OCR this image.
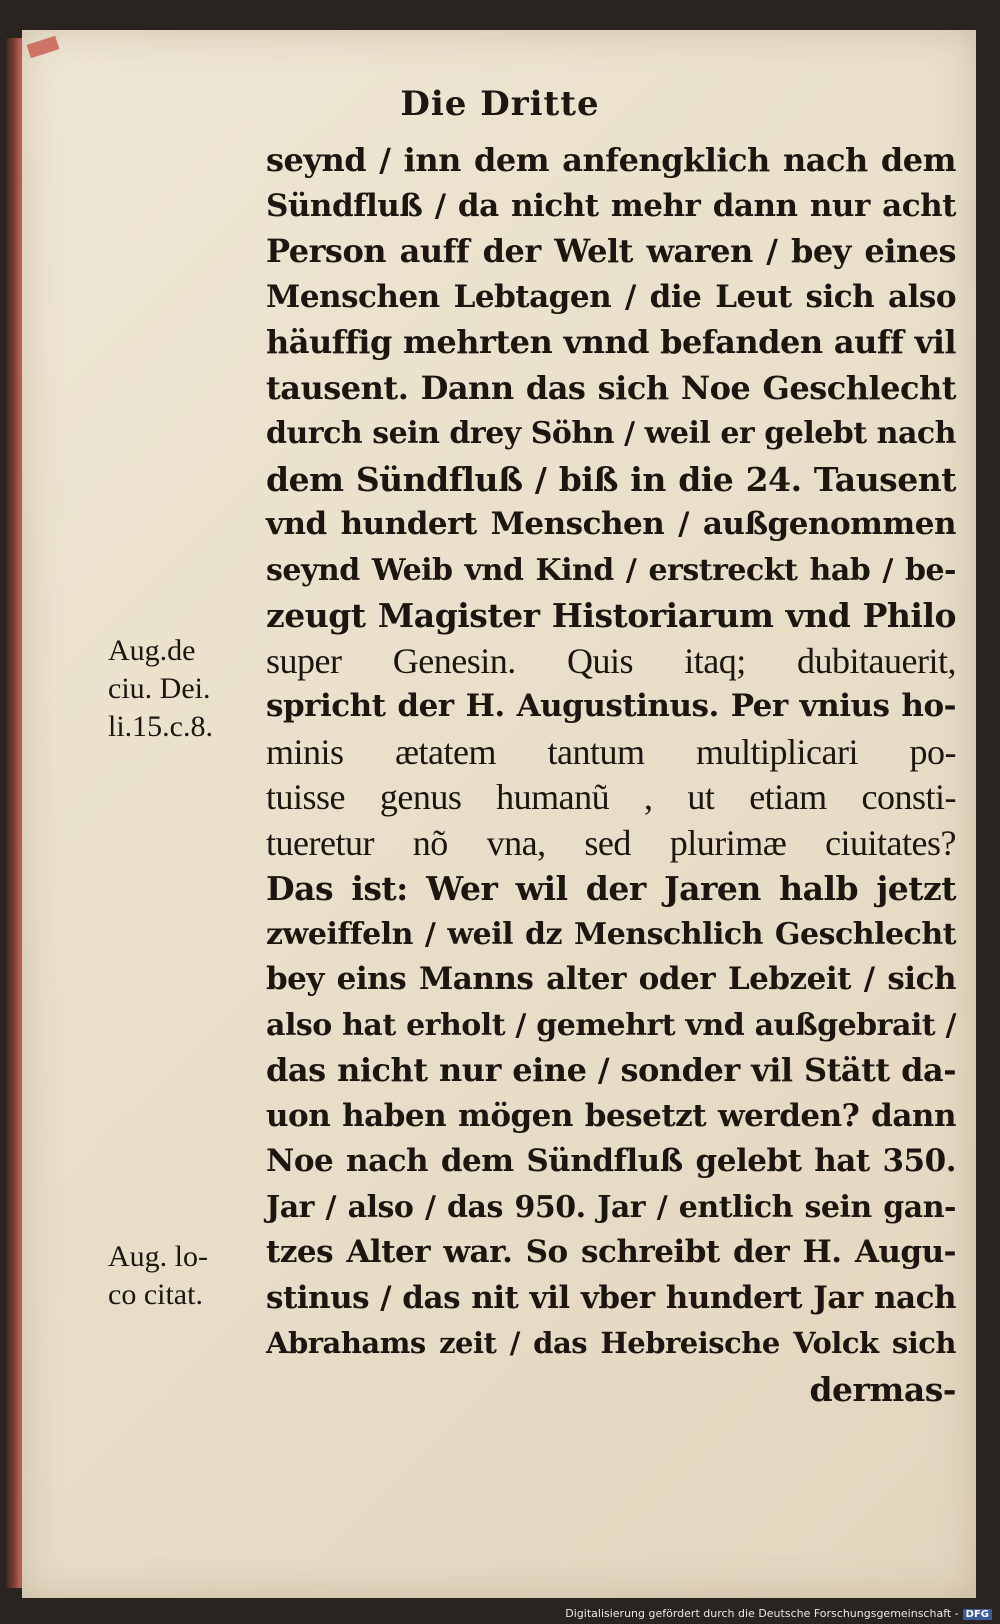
Die Dritte
seynd / inn dem anfengklich nach dem
Sündfluß / da nicht mehr dann nur acht
Person auff der Welt waren / bey eines
Menschen Lebtagen / die Leut sich also
häuffig mehrten vnnd befanden auff vil
tausent. Dann das sich Noe Geschlecht
durch sein drey Söhn / weil er gelebt nach
dem Sündfluß / biß in die 24. Tausent
vnd hundert Menschen / außgenommen
seynd Weib vnd Kind / erstreckt hab / be-
zeugt Magister Historiarum vnd Philo
super Genesin. Quis itaq; dubitauerit,
spricht der H. Augustinus. Per vnius ho-
minis ætatem tantum multiplicari po-
tuisse genus humanũ , ut etiam consti-
tueretur nõ vna, sed plurimæ ciuitates?
Das ist: Wer wil der Jaren halb jetzt
zweiffeln / weil dz Menschlich Geschlecht
bey eins Manns alter oder Lebzeit / sich
also hat erholt / gemehrt vnd außgebrait /
das nicht nur eine / sonder vil Stätt da-
uon haben mögen besetzt werden? dann
Noe nach dem Sündfluß gelebt hat 350.
Jar / also / das 950. Jar / entlich sein gan-
tzes Alter war. So schreibt der H. Augu-
stinus / das nit vil vber hundert Jar nach
Abrahams zeit / das Hebreische Volck sich
dermas-
Aug.de
ciu. Dei.
li.15.c.8.
Aug. lo-
co citat.
Digitalisierung gefördert durch die Deutsche Forschungsgemeinschaft - DFG
